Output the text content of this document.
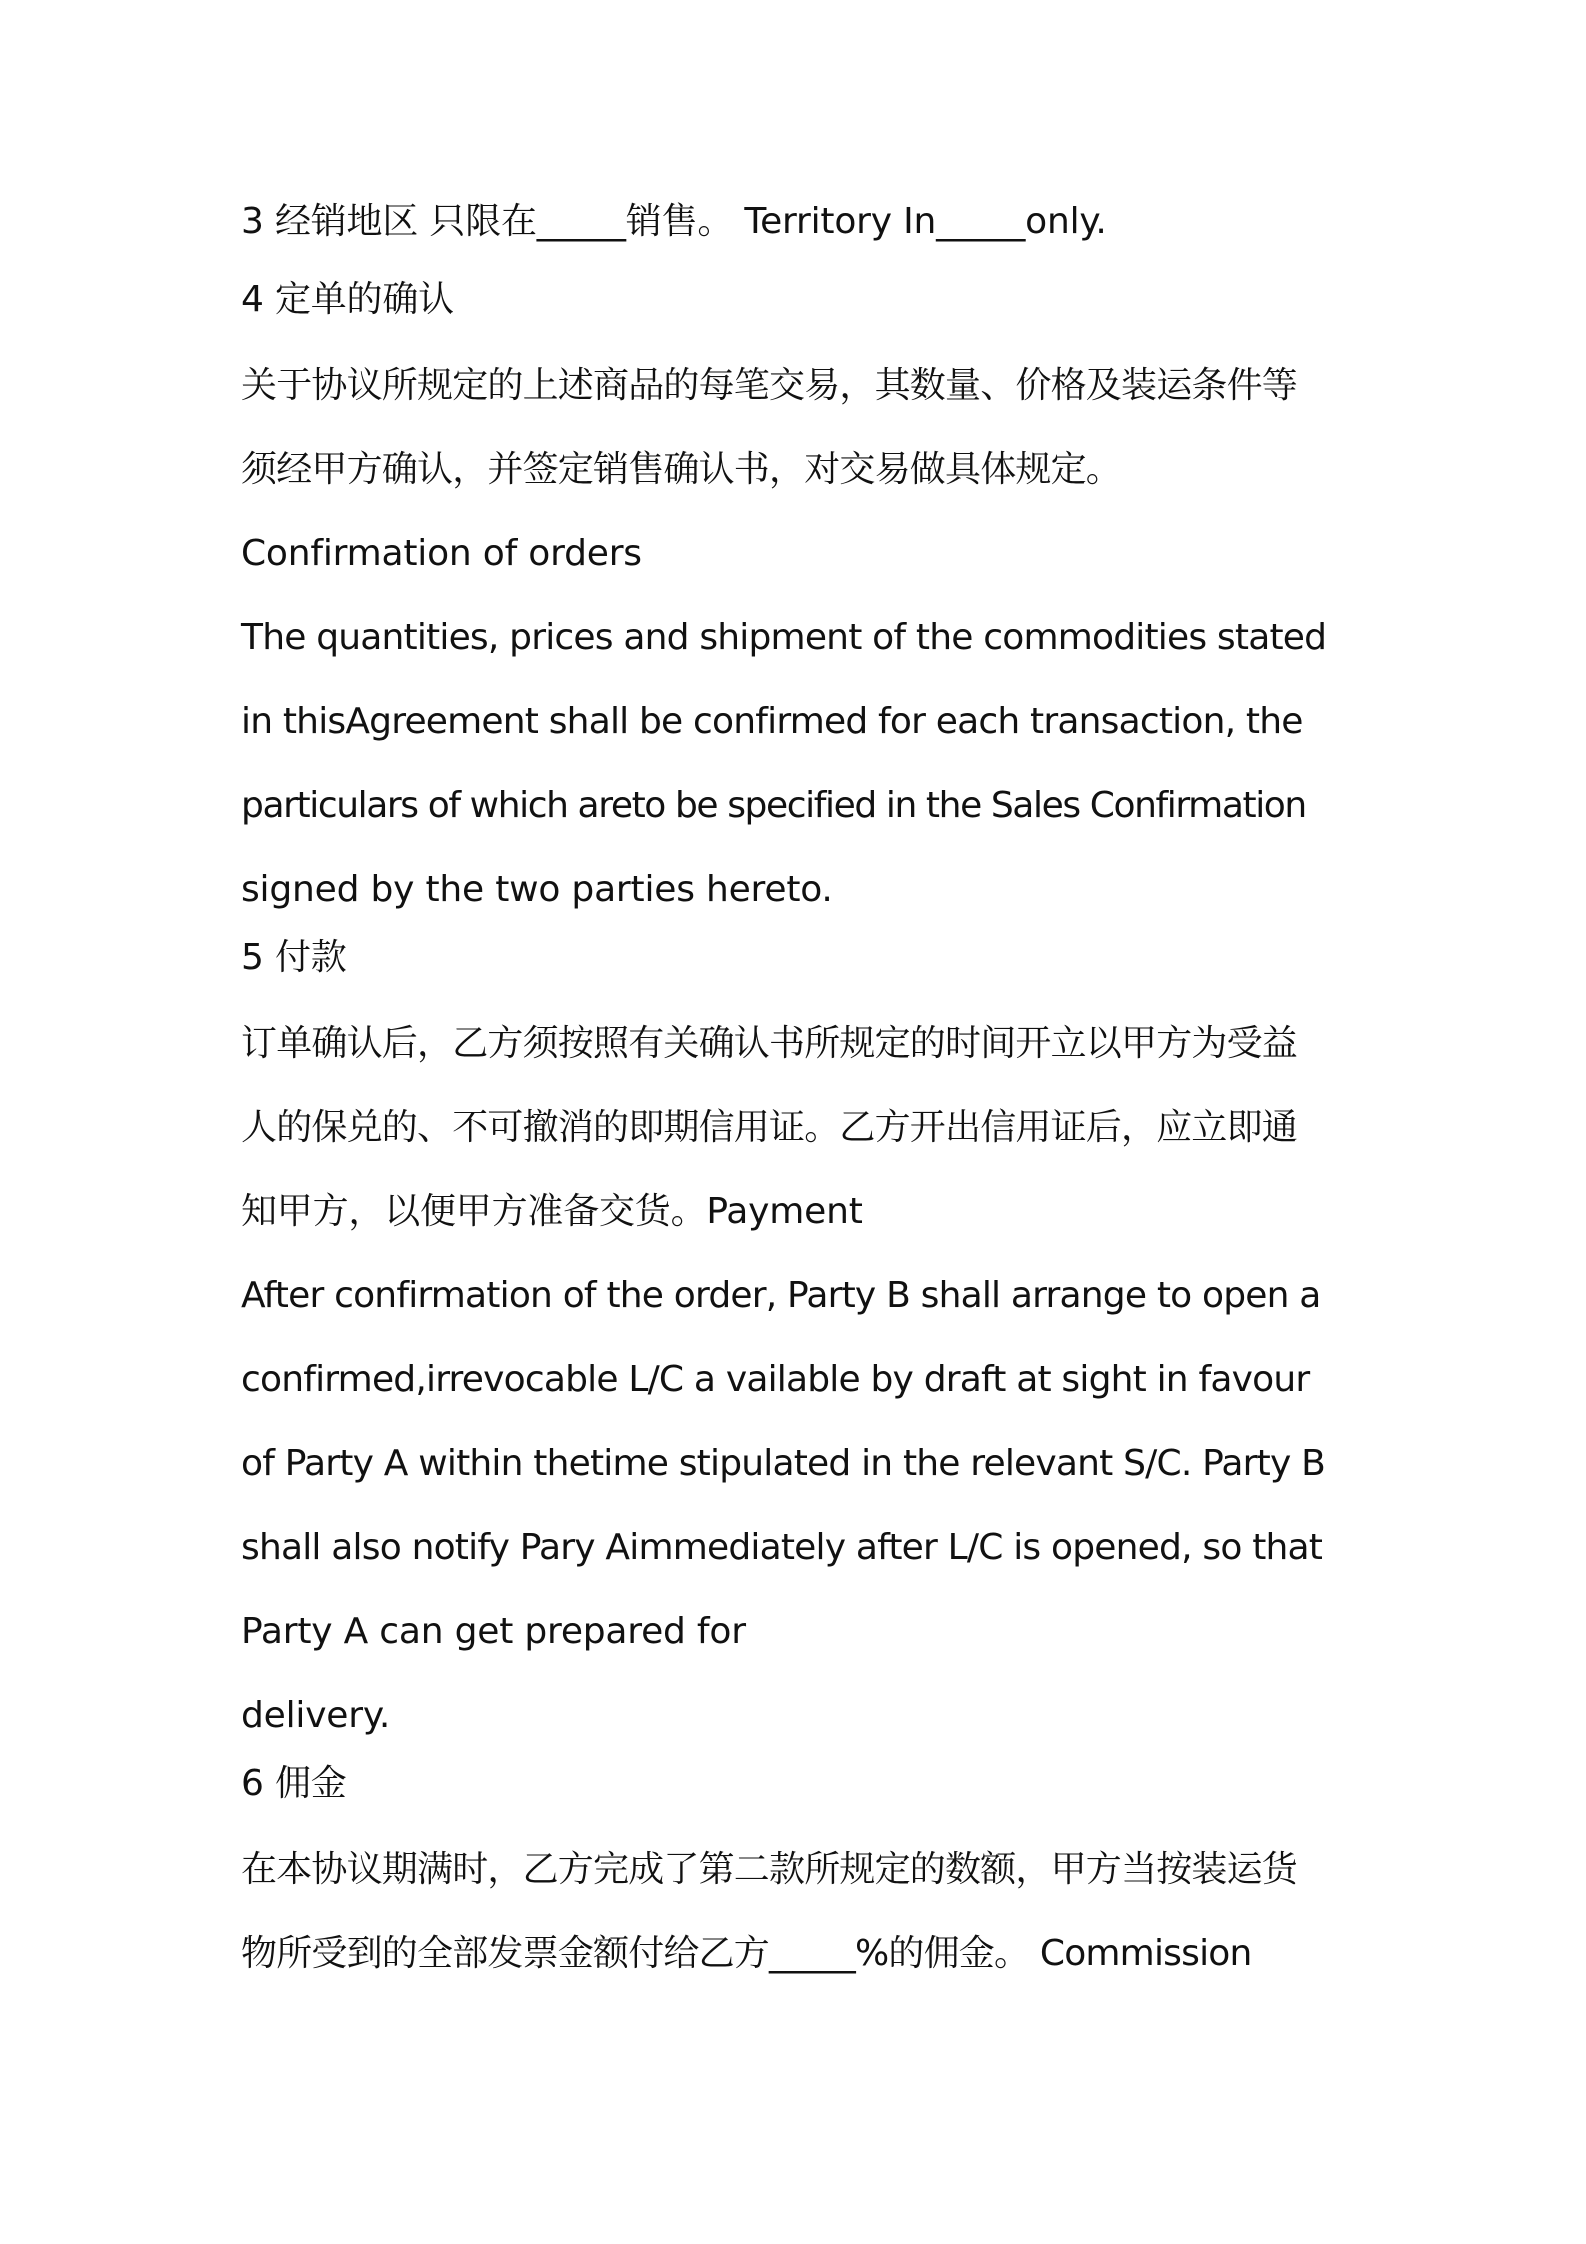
3 经销地区 只限在_____销售。 Territory In_____only.
4 定单的确认
关于协议所规定的上述商品的每笔交易，其数量、价格及装运条件等
须经甲方确认，并签定销售确认书，对交易做具体规定。
Confirmation of orders
The quantities, prices and shipment of the commodities stated
in thisAgreement shall be confirmed for each transaction, the
particulars of which areto be specified in the Sales Confirmation
signed by the two parties hereto.
5 付款
订单确认后，乙方须按照有关确认书所规定的时间开立以甲方为受益
人的保兑的、不可撤消的即期信用证。乙方开出信用证后，应立即通
知甲方，以便甲方准备交货。Payment
After confirmation of the order, Party B shall arrange to open a
confirmed,irrevocable L/C a vailable by draft at sight in favour
of Party A within thetime stipulated in the relevant S/C. Party B
shall also notify Pary Aimmediately after L/C is opened, so that
Party A can get prepared for
delivery.
6 佣金
在本协议期满时，乙方完成了第二款所规定的数额，甲方当按装运货
物所受到的全部发票金额付给乙方_____%的佣金。 Commission
